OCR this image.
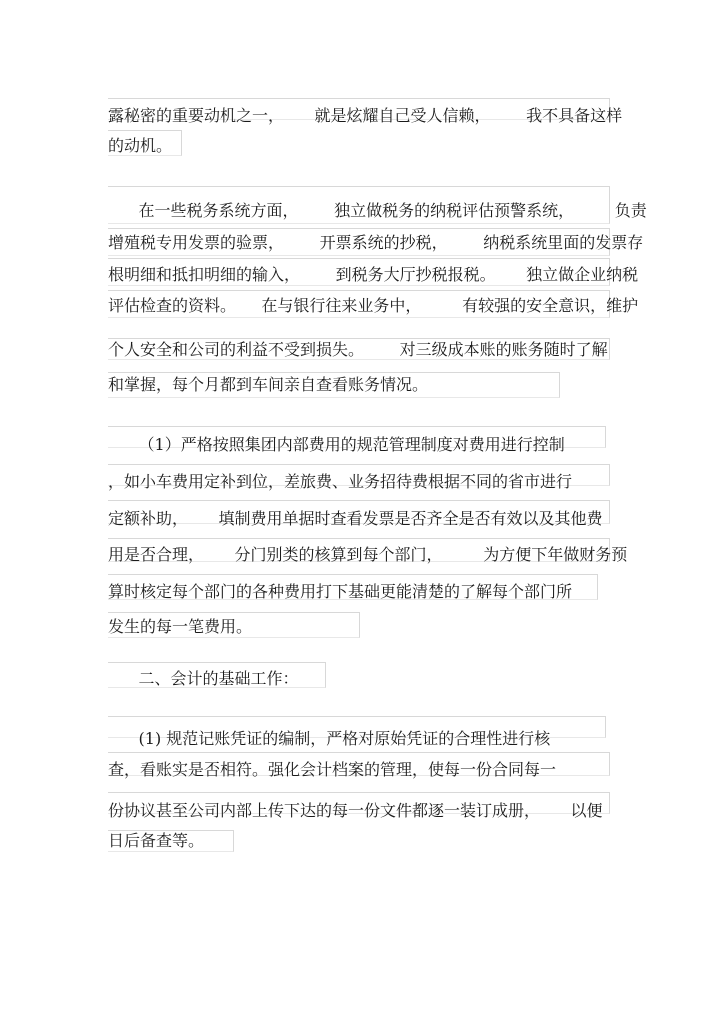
露秘密的重要动机之一，      就是炫耀自己受人信赖，       我不具备这样
的动机。
在一些税务系统方面，       独立做税务的纳税评估预警系统，        负责
增殖税专用发票的验票，       开票系统的抄税，       纳税系统里面的发票存
根明细和抵扣明细的输入，       到税务大厅抄税报税。      独立做企业纳税
评估检查的资料。     在与银行往来业务中，        有较强的安全意识，维护
个人安全和公司的利益不受到损失。       对三级成本账的账务随时了解
和掌握，每个月都到车间亲自查看账务情况。
（1）严格按照集团内部费用的规范管理制度对费用进行控制
，如小车费用定补到位，差旅费、业务招待费根据不同的省市进行
定额补助，      填制费用单据时查看发票是否齐全是否有效以及其他费
用是否合理，      分门别类的核算到每个部门，        为方便下年做财务预
算时核定每个部门的各种费用打下基础更能清楚的了解每个部门所
发生的每一笔费用。
二、会计的基础工作：
(1) 规范记账凭证的编制，严格对原始凭证的合理性进行核
查，看账实是否相符。强化会计档案的管理，使每一份合同每一
份协议甚至公司内部上传下达的每一份文件都逐一装订成册，      以便
日后备查等。
